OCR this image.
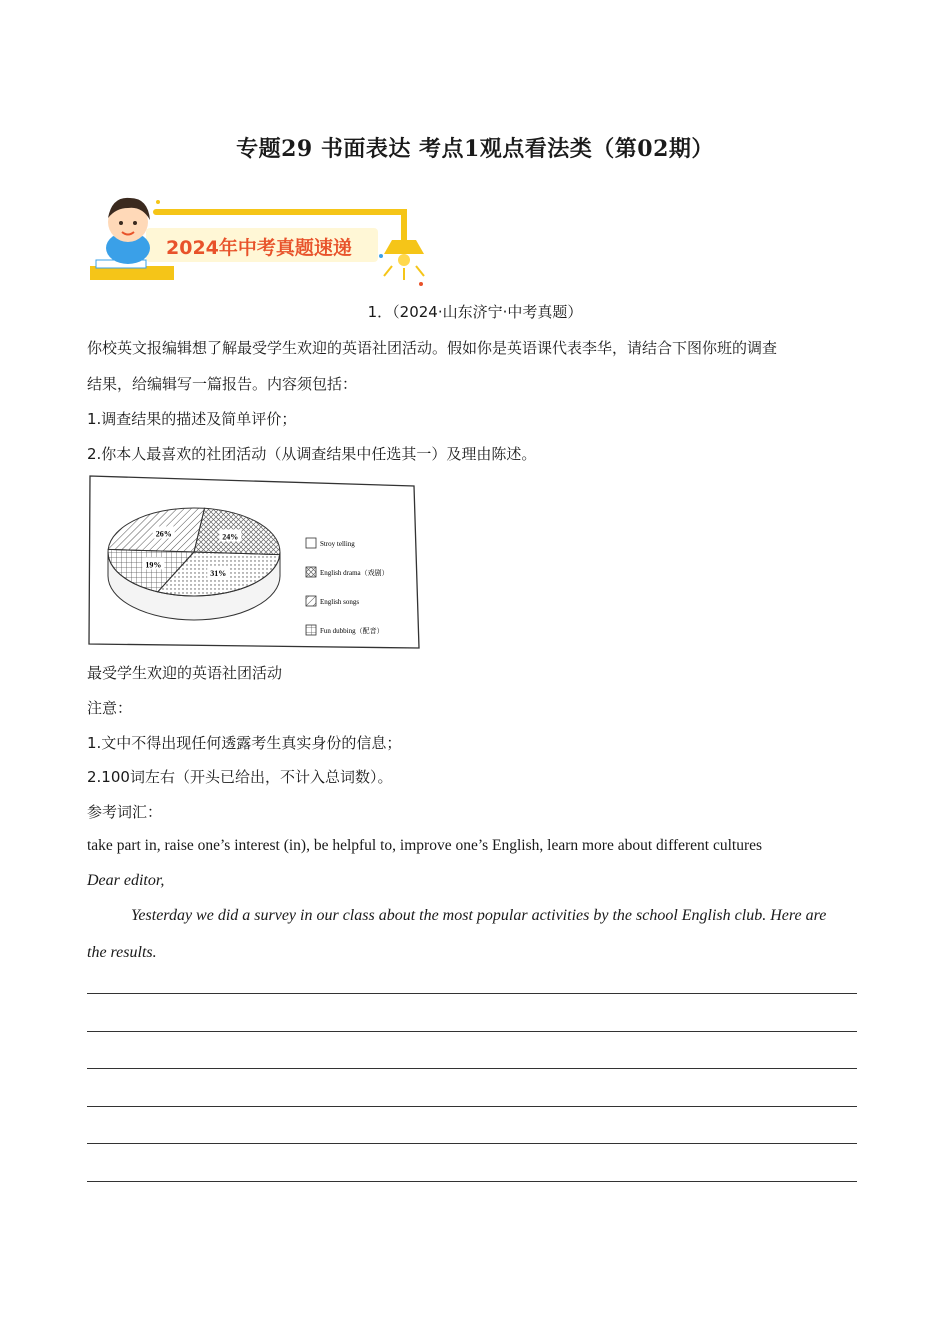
专题29 书面表达 考点1观点看法类（第02期）
2024年中考真题速递
1．（2024·山东济宁·中考真题）
你校英文报编辑想了解最受学生欢迎的英语社团活动。假如你是英语课代表李华，请结合下图你班的调查
结果，给编辑写一篇报告。内容须包括：
1.调查结果的描述及简单评价；
2.你本人最喜欢的社团活动（从调查结果中任选其一）及理由陈述。
31%
24%
26%
19%
Stroy telling
English drama（戏剧）
English songs
Fun dubbing（配音）
最受学生欢迎的英语社团活动
注意：
1.文中不得出现任何透露考生真实身份的信息；
2.100词左右（开头已给出，不计入总词数）。
参考词汇：
take part in, raise one’s interest (in), be helpful to, improve one’s English, learn more about different cultures
Dear editor,
Yesterday we did a survey in our class about the most popular activities by the school English club. Here are
the results.
